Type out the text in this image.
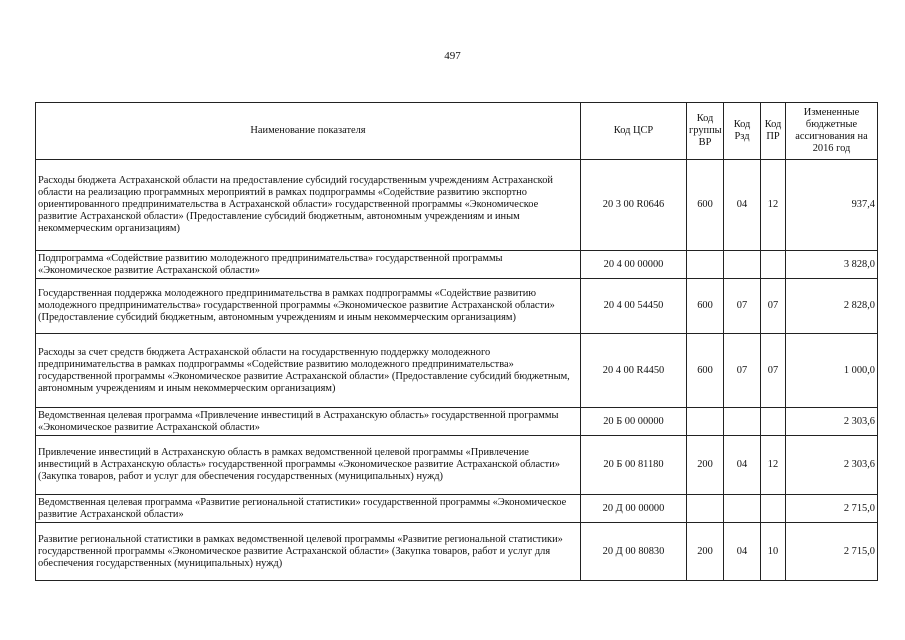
497
Наименование показателя	Код ЦСР	Код группы ВР	Код Рзд	Код ПР	Измененные бюджетные ассигнования на 2016 год
Расходы бюджета Астраханской области на предоставление субсидий государственным учреждениям Астраханской области на реализацию программных мероприятий в рамках подпрограммы «Содействие развитию экспортно ориентированного предпринимательства в Астраханской области» государственной программы «Экономическое развитие Астраханской области» (Предоставление субсидий бюджетным, автономным учреждениям и иным некоммерческим организациям)	20 3 00 R0646	600	04	12	937,4
Подпрограмма «Содействие развитию молодежного предпринимательства» государственной программы «Экономическое развитие Астраханской области»	20 4 00 00000				3 828,0
Государственная поддержка молодежного предпринимательства в рамках подпрограммы «Содействие развитию молодежного предпринимательства» государственной программы «Экономическое развитие Астраханской области» (Предоставление субсидий бюджетным, автономным учреждениям и иным некоммерческим организациям)	20 4 00 54450	600	07	07	2 828,0
Расходы за счет средств бюджета Астраханской области на государственную поддержку молодежного предпринимательства в рамках подпрограммы «Содействие развитию молодежного предпринимательства» государственной программы «Экономическое развитие Астраханской области» (Предоставление субсидий бюджетным, автономным учреждениям и иным некоммерческим организациям)	20 4 00 R4450	600	07	07	1 000,0
Ведомственная целевая программа «Привлечение инвестиций в Астраханскую область» государственной программы «Экономическое развитие Астраханской области»	20 Б 00 00000				2 303,6
Привлечение инвестиций в Астраханскую область в рамках ведомственной целевой программы «Привлечение инвестиций в Астраханскую область» государственной программы «Экономическое развитие Астраханской области» (Закупка товаров, работ и услуг для обеспечения государственных (муниципальных) нужд)	20 Б 00 81180	200	04	12	2 303,6
Ведомственная целевая программа «Развитие региональной статистики» государственной программы «Экономическое развитие Астраханской области»	20 Д 00 00000				2 715,0
Развитие региональной статистики в рамках ведомственной целевой программы «Развитие региональной статистики» государственной программы «Экономическое развитие Астраханской области» (Закупка товаров, работ и услуг для обеспечения государственных (муниципальных) нужд)	20 Д 00 80830	200	04	10	2 715,0
